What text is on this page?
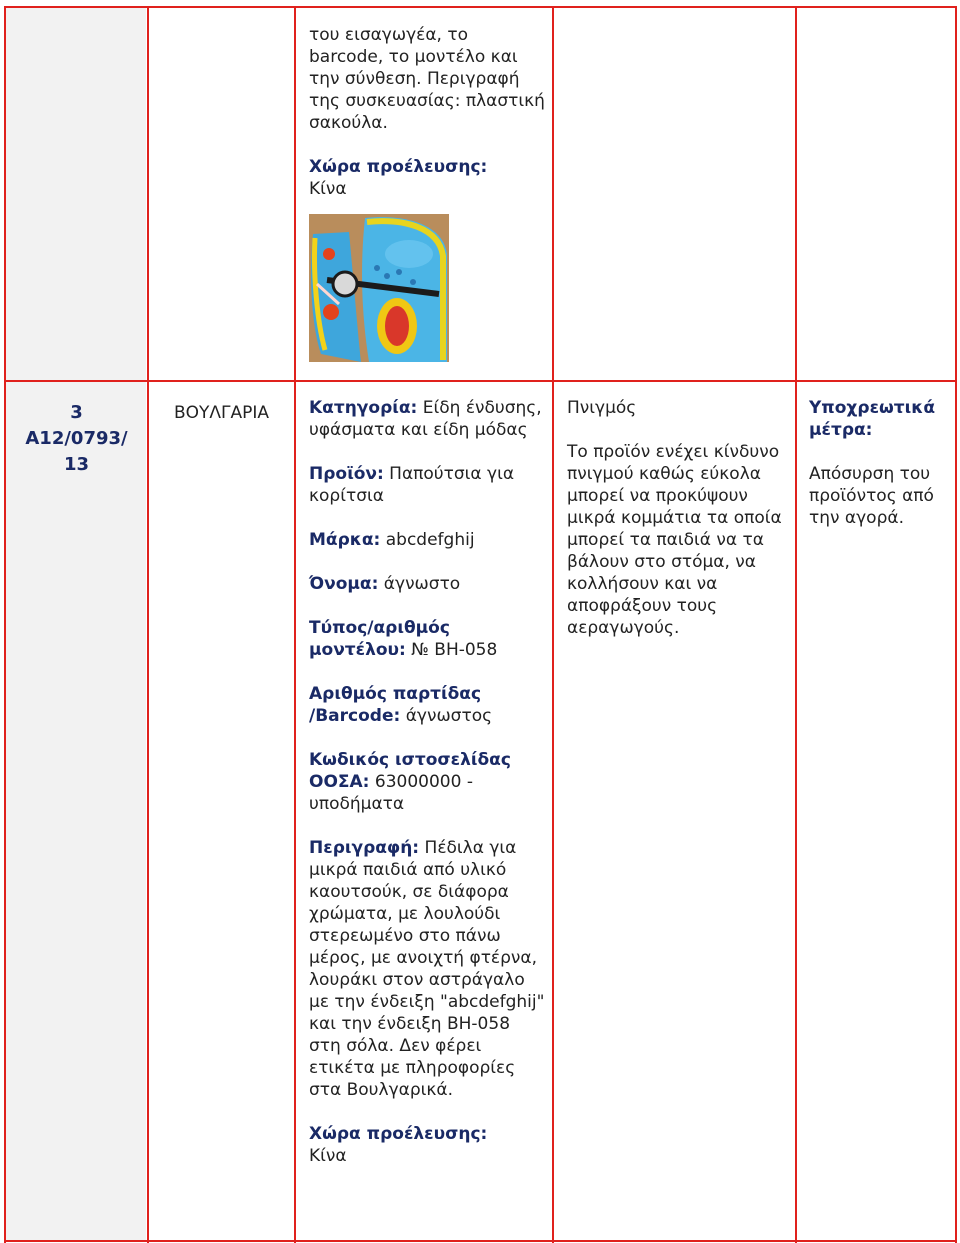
του εισαγωγέα, το barcode, το μοντέλο και την σύνθεση. Περιγραφή της συσκευασίας: πλαστική σακούλα.

Χώρα προέλευσης:
Κίνα

3
A12/0793/
13
ΒΟΥΛΓΑΡΙΑ	Κατηγορία: Είδη ένδυσης, υφάσματα και είδη μόδας

Προϊόν: Παπούτσια για κορίτσια

Μάρκα: abcdefghij

Όνομα: άγνωστο

Τύπος/αριθμός μοντέλου: № BH-058

Αριθμός παρτίδας /Barcode: άγνωστος

Κωδικός ιστοσελίδας ΟΟΣΑ: 63000000 - υποδήματα

Περιγραφή: Πέδιλα για μικρά παιδιά από υλικό καουτσούκ, σε διάφορα χρώματα, με λουλούδι στερεωμένο στο πάνω μέρος, με ανοιχτή φτέρνα, λουράκι στον αστράγαλο με την ένδειξη "abcdefghij" και την ένδειξη BH-058 στη σόλα. Δεν φέρει ετικέτα με πληροφορίες στα Βουλγαρικά.

Χώρα προέλευσης:
Κίνα

Πνιγμός

Το προϊόν ενέχει κίνδυνο πνιγμού καθώς εύκολα μπορεί να προκύψουν μικρά κομμάτια τα οποία μπορεί τα παιδιά να τα βάλουν στο στόμα, να κολλήσουν και να αποφράξουν τους αεραγωγούς.

Υποχρεωτικά μέτρα:

Απόσυρση του προϊόντος από την αγορά.
